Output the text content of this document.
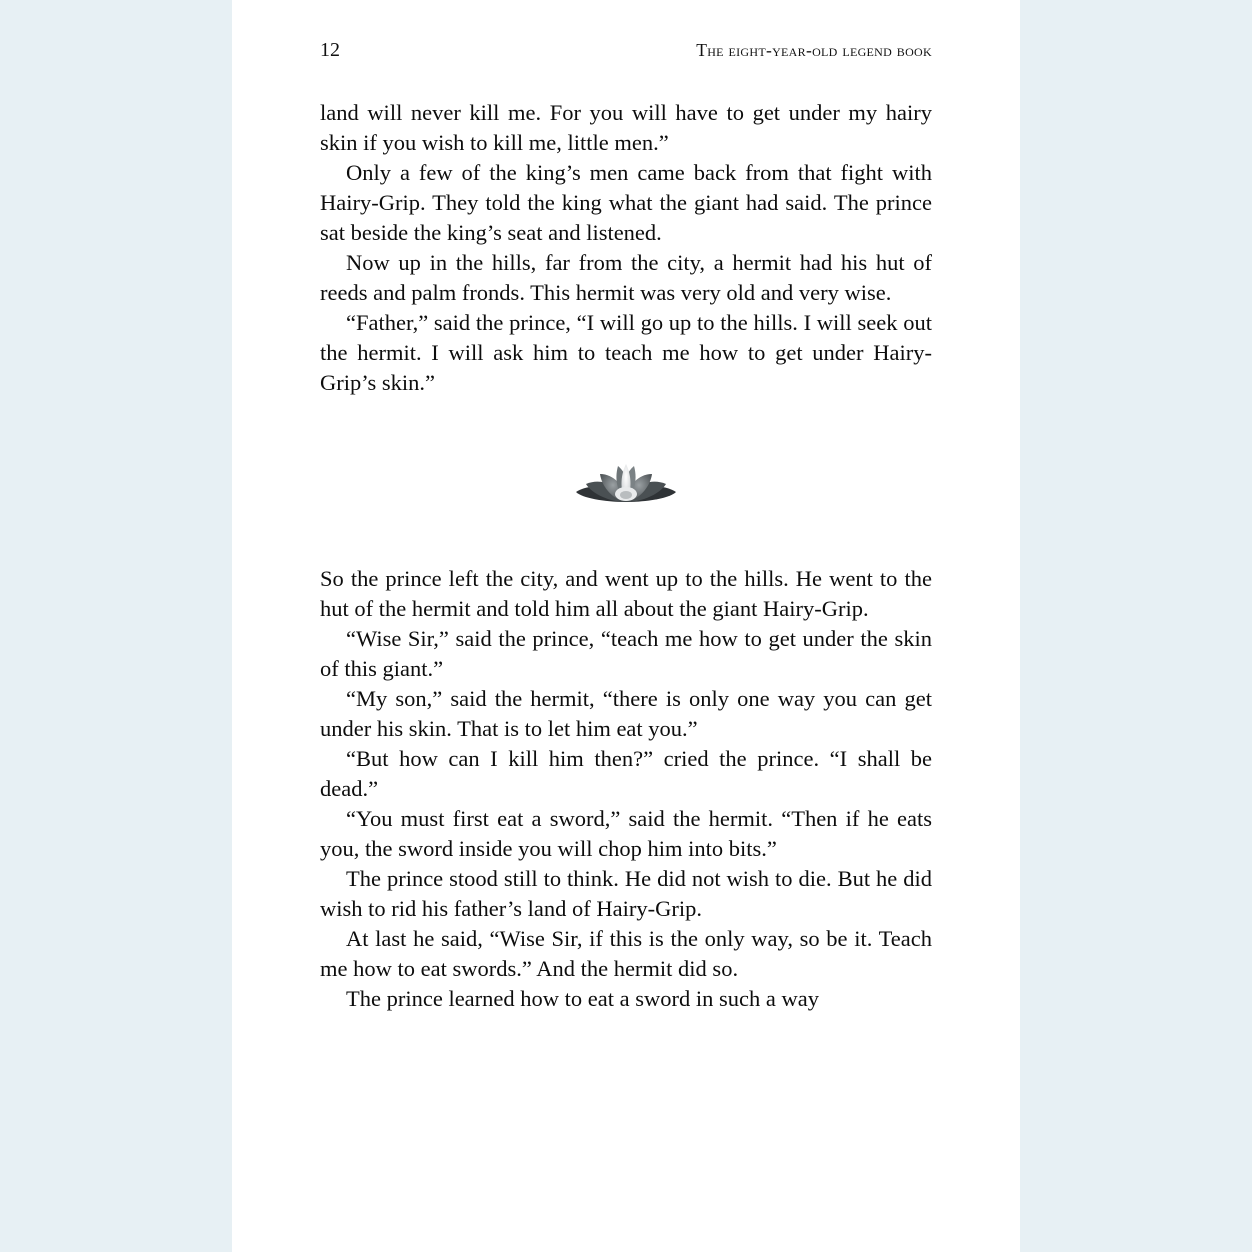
12	the eight-year-old legend book

land will never kill me. For you will have to get under my hairy skin if you wish to kill me, little men.”

Only a few of the king’s men came back from that fight with Hairy-Grip. They told the king what the giant had said. The prince sat beside the king’s seat and listened.

Now up in the hills, far from the city, a hermit had his hut of reeds and palm fronds. This hermit was very old and very wise.

“Father,” said the prince, “I will go up to the hills. I will seek out the hermit. I will ask him to teach me how to get under Hairy-Grip’s skin.”

So the prince left the city, and went up to the hills. He went to the hut of the hermit and told him all about the giant Hairy-Grip.

“Wise Sir,” said the prince, “teach me how to get under the skin of this giant.”

“My son,” said the hermit, “there is only one way you can get under his skin. That is to let him eat you.”

“But how can I kill him then?” cried the prince. “I shall be dead.”

“You must first eat a sword,” said the hermit. “Then if he eats you, the sword inside you will chop him into bits.”

The prince stood still to think. He did not wish to die. But he did wish to rid his father’s land of Hairy-Grip.

At last he said, “Wise Sir, if this is the only way, so be it. Teach me how to eat swords.” And the hermit did so.

The prince learned how to eat a sword in such a way
